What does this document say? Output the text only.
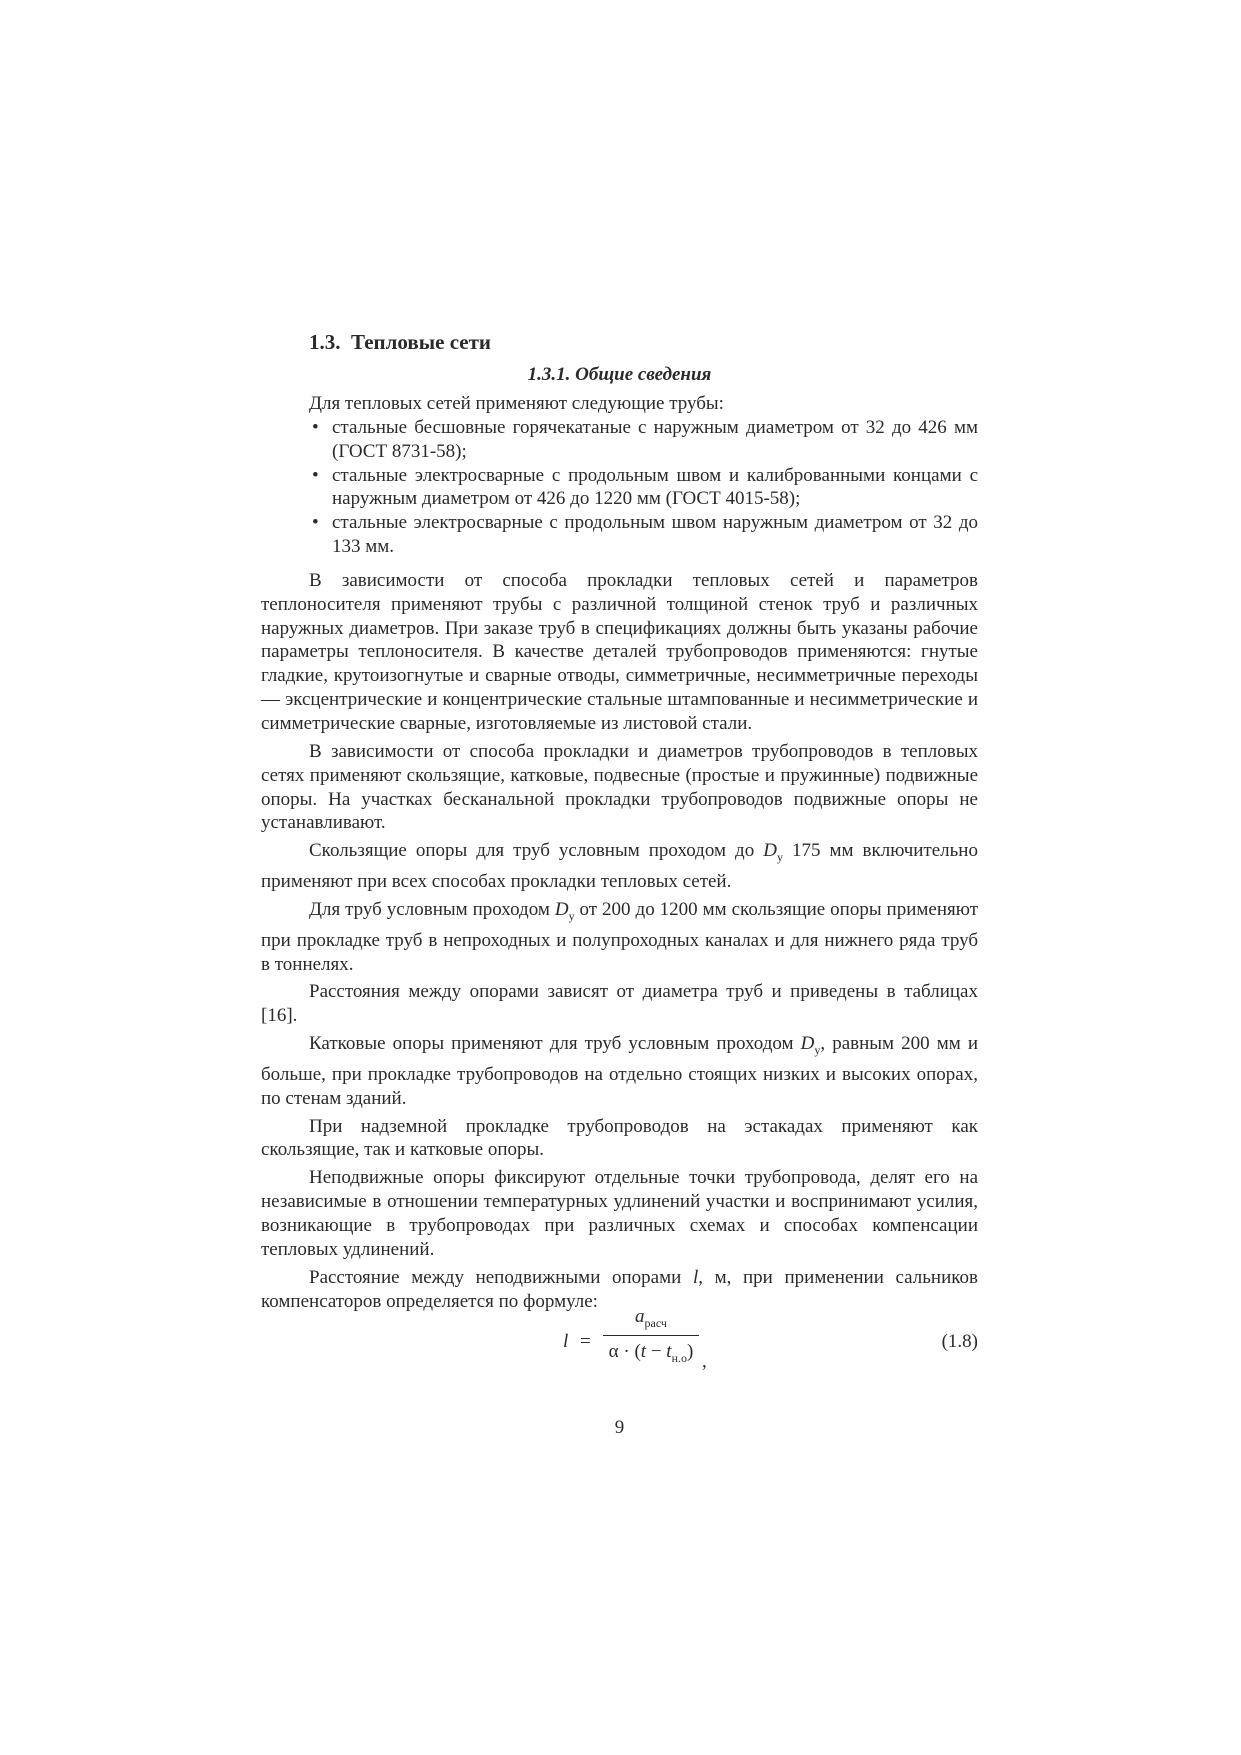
1.3. Тепловые сети
1.3.1. Общие сведения

Для тепловых сетей применяют следующие трубы:

• стальные бесшовные горячекатаные с наружным диаметром от 32 до 426 мм (ГОСТ 8731-58);
• стальные электросварные с продольным швом и калиброванными концами с наружным диаметром от 426 до 1220 мм (ГОСТ 4015-58);
• стальные электросварные с продольным швом наружным диаметром от 32 до 133 мм.

В зависимости от способа прокладки тепловых сетей и параметров теплоносителя применяют трубы с различной толщиной стенок труб и различных наружных диаметров. При заказе труб в спецификациях должны быть указаны рабочие параметры теплоносителя. В качестве деталей трубопроводов применяются: гнутые гладкие, крутоизогнутые и сварные отводы, симметричные, несимметричные переходы — эксцентрические и концентрические стальные штампованные и несимметрические и симметрические сварные, изготовляемые из листовой стали.

В зависимости от способа прокладки и диаметров трубопроводов в тепловых сетях применяют скользящие, катковые, подвесные (простые и пружинные) подвижные опоры. На участках бесканальной прокладки трубопроводов подвижные опоры не устанавливают.

Скользящие опоры для труб условным проходом до $D_у$ 175 мм включительно применяют при всех способах прокладки тепловых сетей.

Для труб условным проходом $D_у$ от 200 до 1200 мм скользящие опоры применяют при прокладке труб в непроходных и полупроходных каналах и для нижнего ряда труб в тоннелях.

Расстояния между опорами зависят от диаметра труб и приведены в таблицах [16].

Катковые опоры применяют для труб условным проходом $D_у$, равным 200 мм и больше, при прокладке трубопроводов на отдельно стоящих низких и высоких опорах, по стенам зданий.

При надземной прокладке трубопроводов на эстакадах применяют как скользящие, так и катковые опоры.

Неподвижные опоры фиксируют отдельные точки трубопровода, делят его на независимые в отношении температурных удлинений участки и воспринимают усилия, возникающие в трубопроводах при различных схемах и способах компенсации тепловых удлинений.

Расстояние между неподвижными опорами l, м, при применении сальников компенсаторов определяется по формуле:

l =
$a_{расч}$
$\alpha \cdot (t - t_{н.о})$ ,
(1.8)

9
